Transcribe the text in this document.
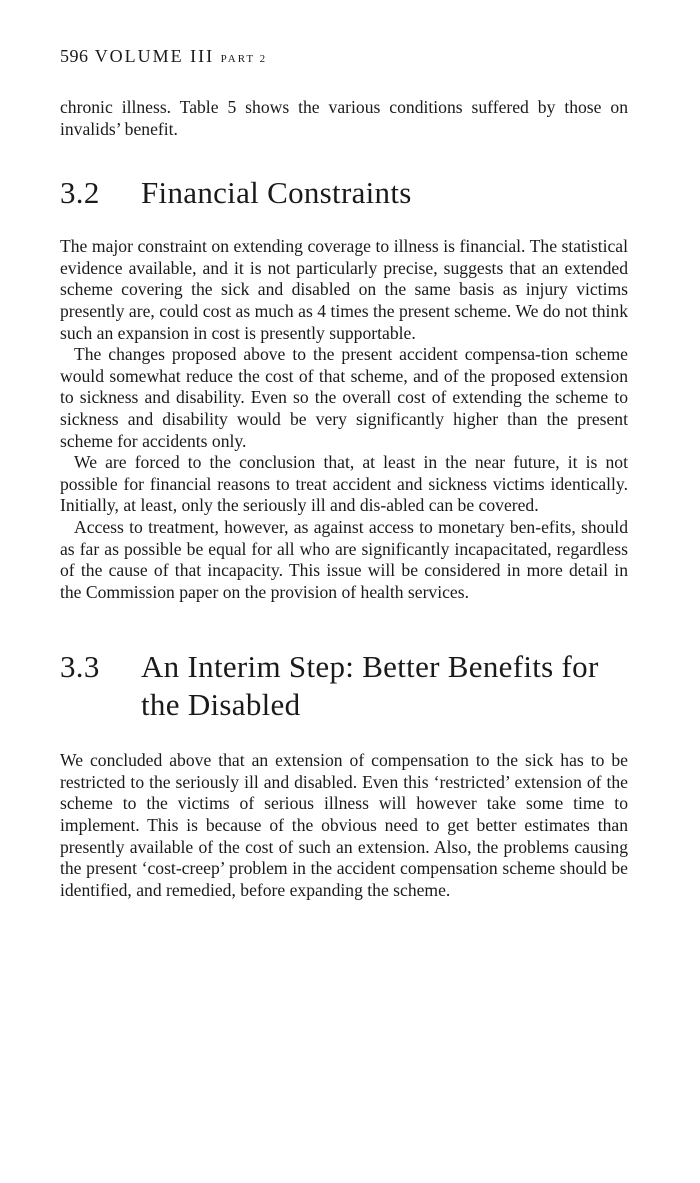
596 VOLUME III PART 2

chronic illness. Table 5 shows the various conditions suffered by those on invalids’ benefit.

3.2	Financial Constraints

The major constraint on extending coverage to illness is financial. The statistical evidence available, and it is not particularly precise, suggests that an extended scheme covering the sick and disabled on the same basis as injury victims presently are, could cost as much as 4 times the present scheme. We do not think such an expansion in cost is presently supportable.

The changes proposed above to the present accident compensa-tion scheme would somewhat reduce the cost of that scheme, and of the proposed extension to sickness and disability. Even so the overall cost of extending the scheme to sickness and disability would be very significantly higher than the present scheme for accidents only.

We are forced to the conclusion that, at least in the near future, it is not possible for financial reasons to treat accident and sickness victims identically. Initially, at least, only the seriously ill and dis-abled can be covered.

Access to treatment, however, as against access to monetary ben-efits, should as far as possible be equal for all who are significantly incapacitated, regardless of the cause of that incapacity. This issue will be considered in more detail in the Commission paper on the provision of health services.

3.3	An Interim Step: Better Benefits for the Disabled

We concluded above that an extension of compensation to the sick has to be restricted to the seriously ill and disabled. Even this ‘restricted’ extension of the scheme to the victims of serious illness will however take some time to implement. This is because of the obvious need to get better estimates than presently available of the cost of such an extension. Also, the problems causing the present ‘cost-creep’ problem in the accident compensation scheme should be identified, and remedied, before expanding the scheme.
